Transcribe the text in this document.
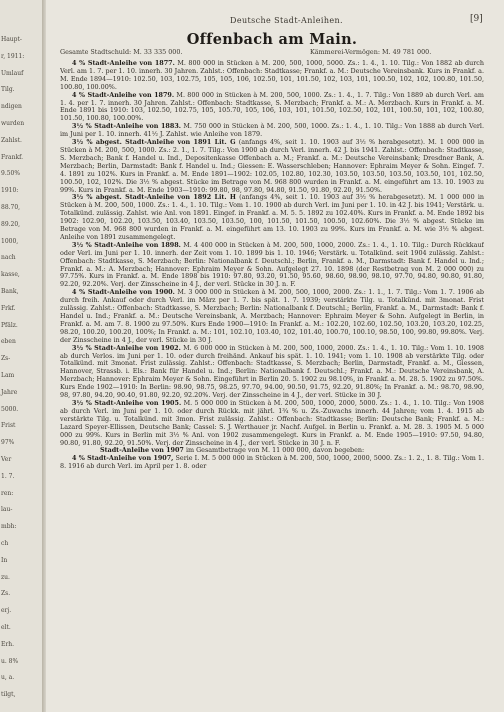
Haupt-
r, 1911:
Umlauf
Tilg.
ndigen
wurden
Zahlst.
Frankf.
9.50%
1910:
88.70,
89.20,
1000,
nach
kasse,
Bank,
Frkf.
Pfälz.
eben
Zs-
Lam
Jahre
5000.
Frist
97%
Ver
1. 7.
ren:
lau-
mbh:
ch
In
zu.
Zs.
erj.
elt.
Erh.
u. 8%
u, a.
tilgt,
Deutsche Stadt-Anleihen.	[9]
Offenbach am Main.
Gesamte Stadtschuld: M. 33 335 000.	Kämmerei-Vermögen: M. 49 781 000.

4 % Stadt-Anleihe von 1877. M. 800 000 in Stücken à M. 200, 500, 1000, 5000. Zs.: 1. 4., 1. 10. Tilg.: Von 1882 ab durch Verl. am 1. 7. per 1. 10. innerh. 30 Jahren. Zahlst.: Offenbach: Stadtkasse; Frankf. a. M.: Deutsche Vereinsbank. Kurs in Frankf. a. M. Ende 1894—1910: 102.50, 103, 102.75, 105, 105, 106, 102.50, 101, 101.50, 102, 103, 101, 100.50, 102, 102, 100.80, 101.50, 100.80, 100.00%.

4 % Stadt-Anleihe von 1879. M. 800 000 in Stücken à M. 200, 500, 1000. Zs.: 1. 4., 1. 7. Tilg.: Von 1889 ab durch Verl. am 1. 4. per 1. 7. innerh. 30 Jahren. Zahlst.: Offenbach: Stadtkasse, S. Merzbach; Frankf. a. M.: A. Merzbach. Kurs in Frankf. a. M. Ende 1891 bis 1910: 103, 102.50, 102.75, 105, 105.70, 105, 106, 103, 101, 101.50, 102.50, 102, 101, 100.50, 101, 102, 100.80, 101.50, 100.80, 100.00%.

3½ % Stadt-Anleihe von 1883. M. 750 000 in Stücken à M. 200, 500, 1000. Zs.: 1. 4., 1. 10. Tilg.: Von 1888 ab durch Verl. im Juni per 1. 10. innerh. 41½ J. Zahlst. wie Anleihe von 1879.

3½ % abgest. Stadt-Anleihe von 1891 Lit. G (anfangs 4%, seit 1. 10. 1903 auf 3½ % herabgesetzt). M. 1 000 000 in Stücken à M. 200, 500, 1000. Zs.: 2. 1., 1. 7. Tilg.: Von 1900 ab durch Verl. innerh. 42 J. bis 1941. Zahlst.: Offenbach: Stadtkasse, S. Merzbach; Bank f. Handel u. Ind., Depositenkasse Offenbach a. M.; Frankf. a. M.: Deutsche Vereinsbank; Dresdner Bank, A. Merzbach; Berlin, Darmstadt: Bank f. Handel u. Ind.; Giessen: E. Wasserschleben; Hannover: Ephraim Meyer & Sohn. Eingef. 7. 4. 1891 zu 102%. Kurs in Frankf. a. M. Ende 1891—1902: 102.05, 102.80, 102.30, 103.50, 103.50, 103.50, 103.50, 101, 102.50, 100.50, 102, 102%. Die 3½ % abgest. Stücke im Betrage von M. 968 800 wurden in Frankf. a. M. eingeführt am 13. 10. 1903 zu 99%. Kurs in Frankf. a. M. Ende 1903—1910: 99.80, 98, 97.80, 94.80, 91.50, 91.80, 92.20, 91.50%.

3½ % abgest. Stadt-Anleihe von 1892 Lit. H (anfangs 4%, seit 1. 10. 1903 auf 3½ % herabgesetzt). M. 1 000 000 in Stücken à M. 200, 500, 1000. Zs.: 1. 4., 1. 10. Tilg.: Vom 1. 10. 1900 ab durch Verl. im Juni per 1. 10. in 42 J. bis 1941; Verstärk. u. Totalkünd. zulässig. Zahlst. wie Anl. von 1891. Eingef. in Frankf. a. M. 5. 5. 1892 zu 102.40%. Kurs in Frankf. a. M. Ende 1892 bis 1902: 102.90, 102.20, 103.50, 103.40, 103.50, 103.50, 100, 101.50, 101.50, 100.50, 102.60%. Die 3½ % abgest. Stücke im Betrage von M. 968 800 wurden in Frankf. a. M. eingeführt am 13. 10. 1903 zu 99%. Kurs im Frankf. a. M. wie 3½ % abgest. Anleihe von 1891 zusammengelegt.

3½ % Stadt-Anleihe von 1898. M. 4 400 000 in Stücken à M. 200, 500, 1000, 2000. Zs.: 1. 4., 1. 10. Tilg.: Durch Rückkauf oder Verl. im Juni per 1. 10. innerh. der Zeit vom 1. 10. 1899 bis 1. 10. 1946; Verstärk. u. Totalkünd. seit 1904 zulässig. Zahlst.: Offenbach: Stadtkasse, S. Merzbach; Berlin: Nationalbank f. Deutschl.; Berlin, Frankf. a. M., Darmstadt: Bank f. Handel u. Ind.; Frankf. a. M.: A. Merzbach; Hannover: Ephraim Meyer & Sohn. Aufgelegt 27. 10. 1898 (der Restbetrag von M. 2 000 000) zu 97.75%. Kurs in Frankf. a. M. Ende 1898 bis 1910: 97.80, 93.20, 91.50, 95.60, 98.60, 98.90, 98.10, 97.70, 94.80, 90.80, 91.80, 92.20, 92.20%. Verj. der Zinsscheine in 4 J., der verl. Stücke in 30 J. n. F.

4 % Stadt-Anleihe von 1900. M. 3 000 000 in Stücken à M. 200, 500, 1000, 2000. Zs.: 1. 1., 1. 7. Tilg.: Vom 1. 7. 1906 ab durch freih. Ankauf oder durch Verl. im März per 1. 7. bis spät. 1. 7. 1939; verstärkte Tilg. u. Totalkünd. mit 3monat. Frist zulässig. Zahlst.: Offenbach: Stadtkasse, S. Merzbach; Berlin: Nationalbank f. Deutschl.; Berlin, Frankf. a. M., Darmstadt: Bank f. Handel u. Ind.; Frankf. a. M.: Deutsche Vereinsbank, A. Merzbach; Hannover: Ephraim Meyer & Sohn. Aufgelegt in Berlin, in Frankf. a. M. am 7. 8. 1900 zu 97.50%. Kurs Ende 1900—1910: In Frankf. a. M.: 102.20, 102.60, 102.50, 103.20, 103.20, 102.25, 98.20, 100.20, 100.20, 100%; In Frankf. a. M.: 101, 102.10, 103.40, 102, 101.40, 100.70, 100.10, 98.50, 100, 99.80, 99.80%. Verj. der Zinsscheine in 4 J., der verl. Stücke in 30 J.

3½ % Stadt-Anleihe von 1902. M. 6 000 000 in Stücken à M. 200, 500, 1000, 2000. Zs.: 1. 4., 1. 10. Tilg.: Vom 1. 10. 1908 ab durch Verlos. im Juni per 1. 10. oder durch freihänd. Ankauf bis spät. 1. 10. 1941; vom 1. 10. 1908 ab verstärkte Tilg. oder Totalkünd. mit 3monat. Frist zulässig. Zahlst.: Offenbach: Stadtkasse, S. Merzbach; Berlin, Darmstadt, Frankf. a. M., Giessen, Hannover, Strassb. i. Els.: Bank für Handel u. Ind.; Berlin: Nationalbank f. Deutschl.; Frankf. a. M.: Deutsche Vereinsbank, A. Merzbach; Hannover: Ephraim Meyer & Sohn. Eingeführt in Berlin 20. 5. 1902 zu 98.10%, in Frankf. a. M. 28. 5. 1902 zu 97.50%. Kurs Ende 1902—1910: In Berlin: 98.90, 98.75, 98.25, 97.70, 94.00, 90.50, 91.75, 92.20, 91.80%; In Frankf. a. M.: 98.70, 98.90, 98, 97.80, 94.20, 90.40, 91.80, 92.20, 92.20%. Verj. der Zinsscheine in 4 J., der verl. Stücke in 30 J.

3½ % Stadt-Anleihe von 1905. M. 5 000 000 in Stücken à M. 200, 500, 1000, 2000, 5000. Zs.: 1. 4., 1. 10. Tilg.: Von 1908 ab durch Verl. im Juni per 1. 10. oder durch Rückk. mit jährl. 1¾ % u. Zs.-Zuwachs innerh. 44 Jahren; vom 1. 4. 1915 ab verstärkte Tilg. u. Totalkünd. mit 3mon. Frist zulässig. Zahlst.: Offenbach: Stadtkasse; Berlin: Deutsche Bank; Frankf. a. M.: Lazard Speyer-Ellissen, Deutsche Bank; Cassel: S. J. Werthauer jr. Nachf. Aufgel. in Berlin u. Frankf. a. M. 28. 3. 1905 M. 5 000 000 zu 99%. Kurs in Berlin mit 3½ % Anl. von 1902 zusammengelegt. Kurs in Frankf. a. M. Ende 1905—1910: 97.50, 94.80, 90.80, 91.80, 92.20, 91.50%. Verj. der Zinsscheine in 4 J., der verl. Stücke in 30 J. n. F.

Stadt-Anleihe von 1907 im Gesamtbetrage von M. 11 000 000, davon begeben:

4 % Stadt-Anleihe von 1907, Serie I. M. 5 000 000 in Stücken à M. 200, 500, 1000, 2000, 5000. Zs.: 1. 2., 1. 8. Tilg.: Vom 1. 8. 1916 ab durch Verl. im April per 1. 8. oder
